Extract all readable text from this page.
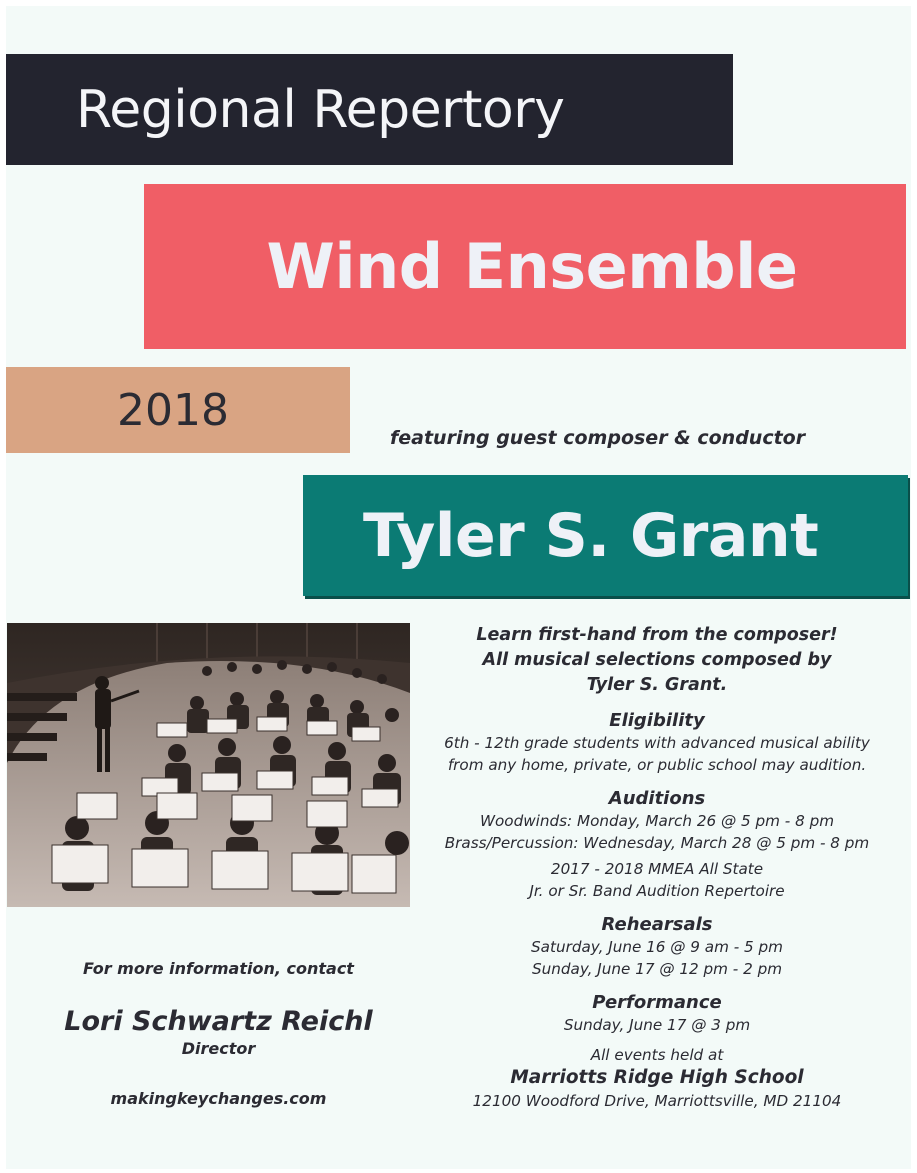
Regional Repertory
Wind Ensemble
2018
featuring guest composer & conductor
Tyler S. Grant
Learn first-hand from the composer!
All musical selections composed by
Tyler S. Grant.
Eligibility
6th - 12th grade students with advanced musical ability
from any home, private, or public school may audition.
Auditions
Woodwinds: Monday, March 26 @ 5 pm - 8 pm
Brass/Percussion: Wednesday, March 28 @ 5 pm - 8 pm
2017 - 2018 MMEA All State
Jr. or Sr. Band Audition Repertoire
Rehearsals
Saturday, June 16 @ 9 am - 5 pm
Sunday, June 17 @ 12 pm - 2 pm
Performance
Sunday, June 17 @ 3 pm
All events held at
Marriotts Ridge High School
12100 Woodford Drive, Marriottsville, MD 21104
For more information, contact
Lori Schwartz Reichl
Director
makingkeychanges.com
